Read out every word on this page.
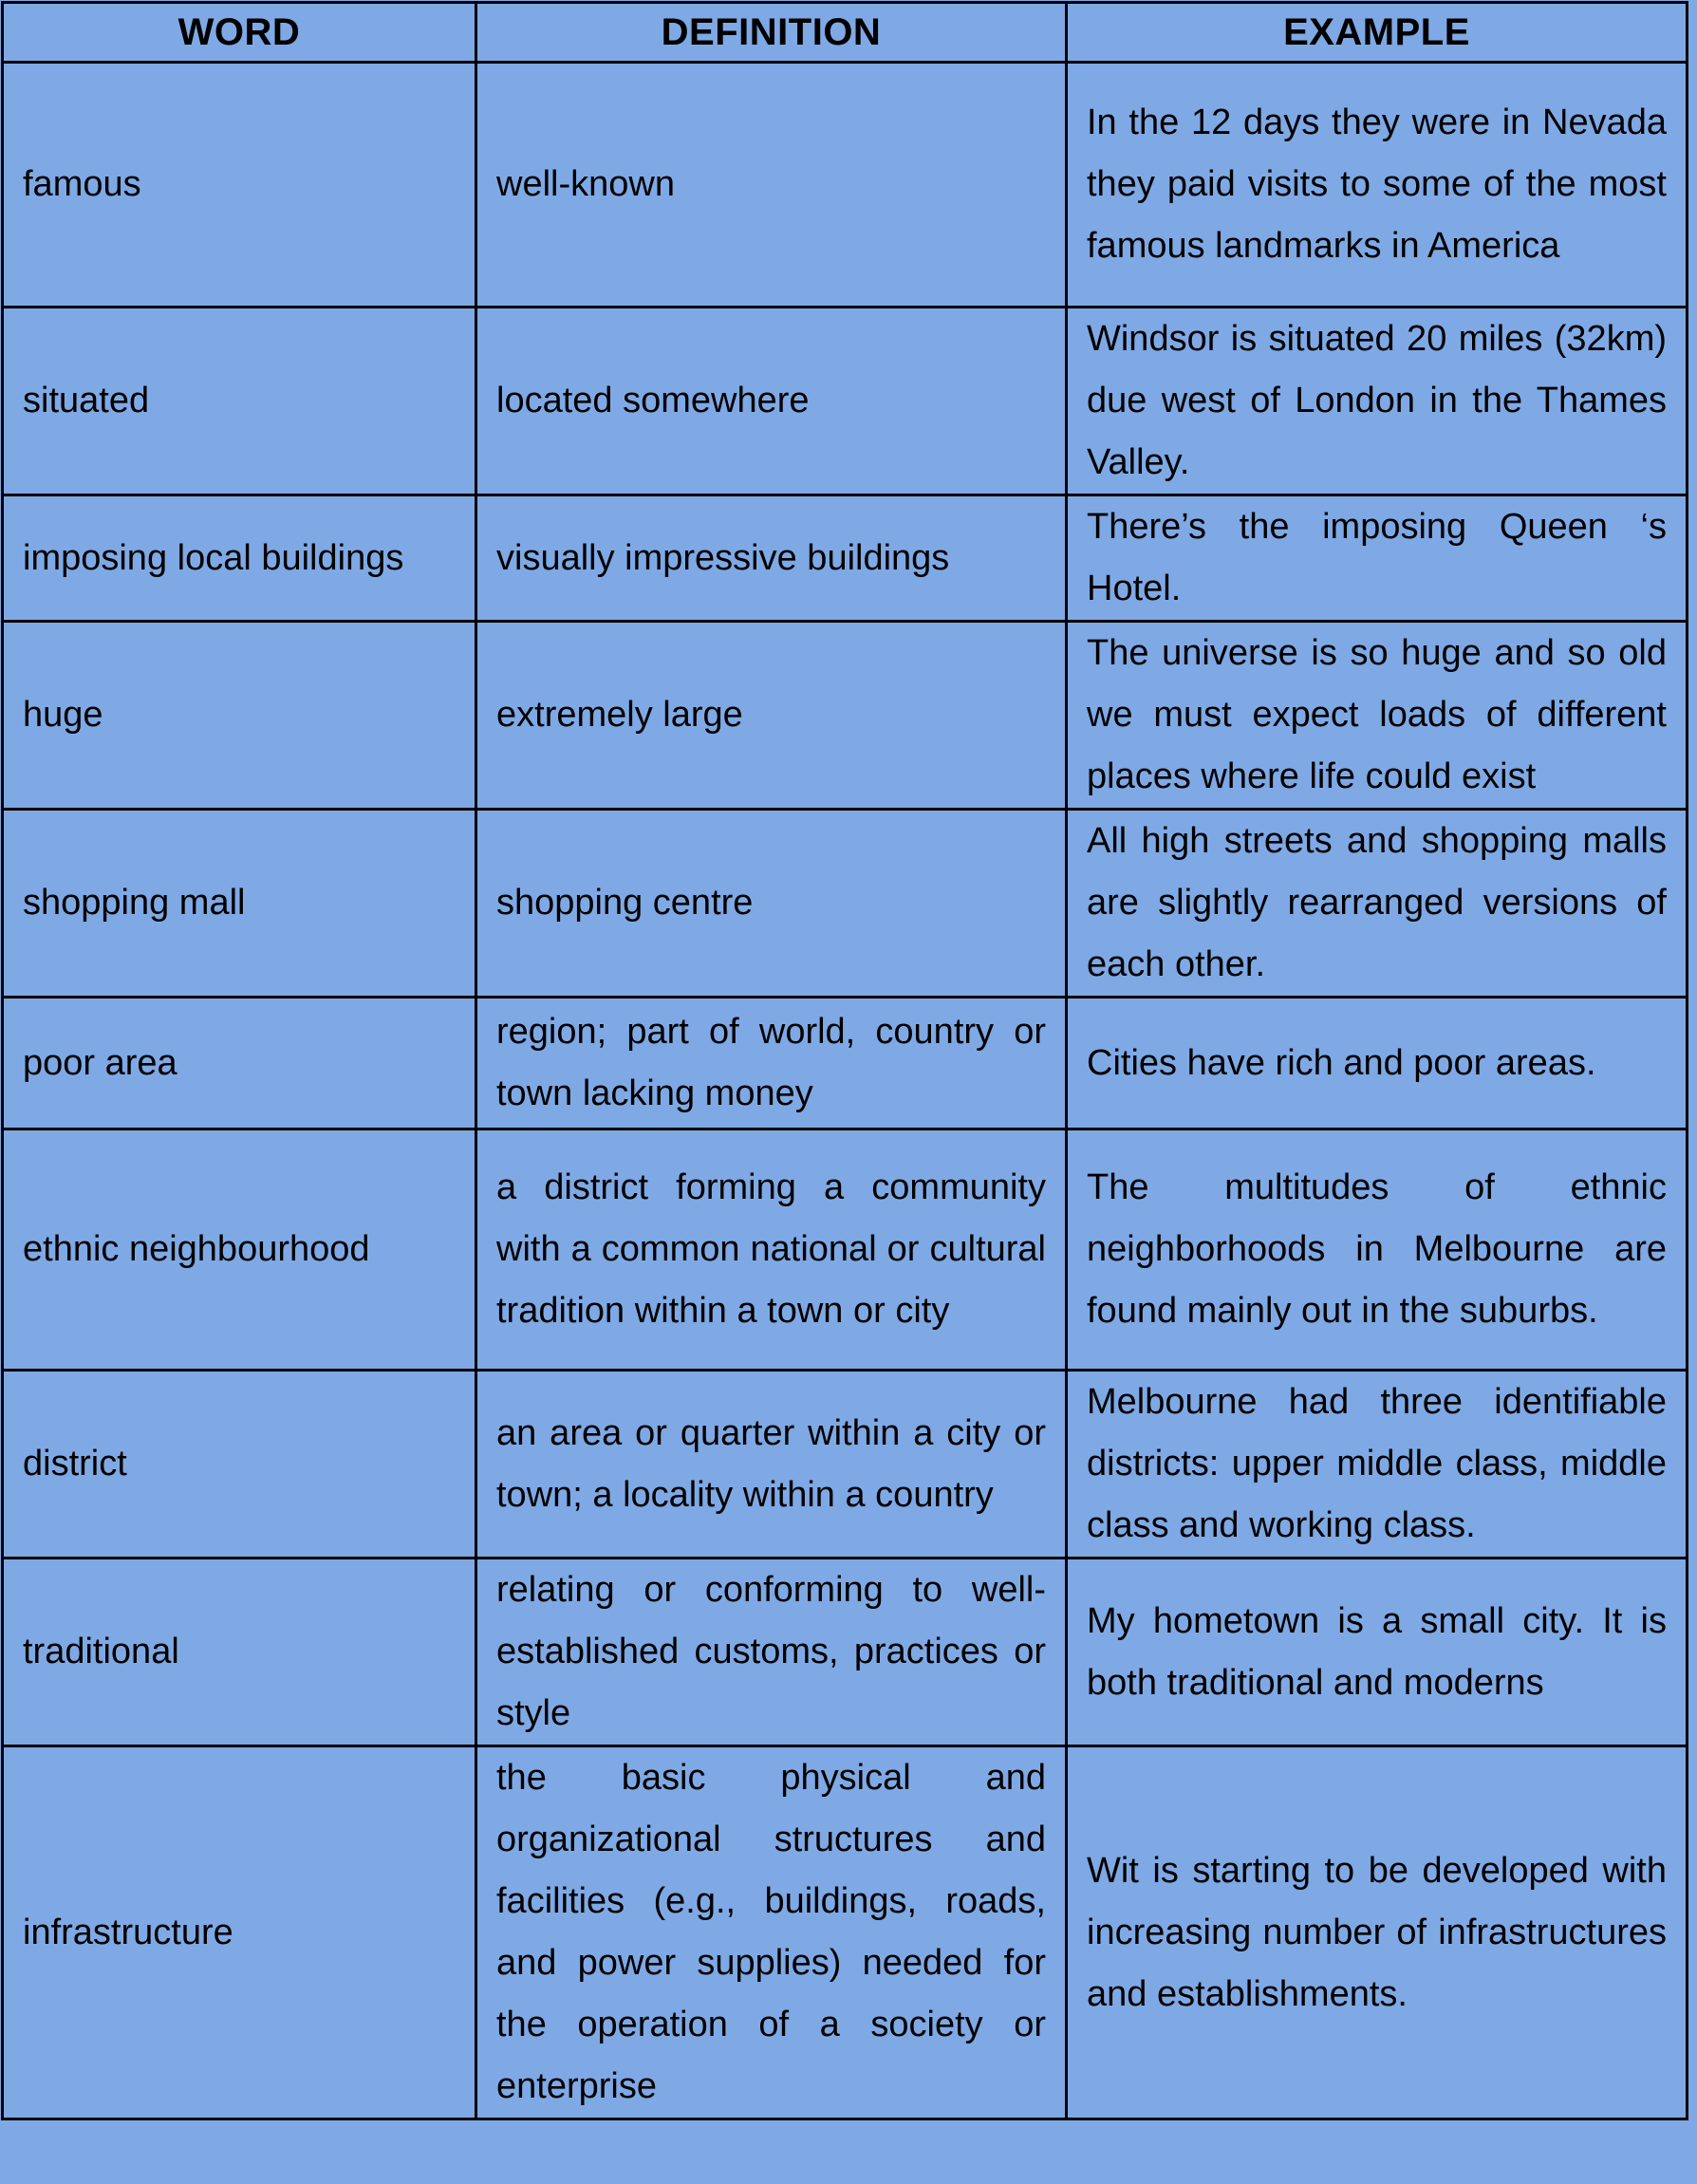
WORD	DEFINITION	EXAMPLE
famous	well-known	In the 12 days they were in Nevada they paid visits to some of the most famous landmarks in America
situated	located somewhere	Windsor is situated 20 miles (32km) due west of London in the Thames Valley.
imposing local buildings	visually impressive buildings	There’s the imposing Queen ‘s Hotel.
huge	extremely large	The universe is so huge and so old we must expect loads of different places where life could exist
shopping mall	shopping centre	All high streets and shopping malls are slightly rearranged versions of each other.
poor area	region; part of world, country or town lacking money	Cities have rich and poor areas.
ethnic neighbourhood	a district forming a community with a common national or cultural tradition within a town or city	The multitudes of ethnic neighborhoods in Melbourne are found mainly out in the suburbs.
district	an area or quarter within a city or town; a locality within a country	Melbourne had three identifiable districts: upper middle class, middle class and working class.
traditional	relating or conforming to well-established customs, practices or style	My hometown is a small city. It is both traditional and moderns
infrastructure	the basic physical and organizational structures and facilities (e.g., buildings, roads, and power supplies) needed for the operation of a society or enterprise	Wit is starting to be developed with increasing number of infrastructures and establishments.
